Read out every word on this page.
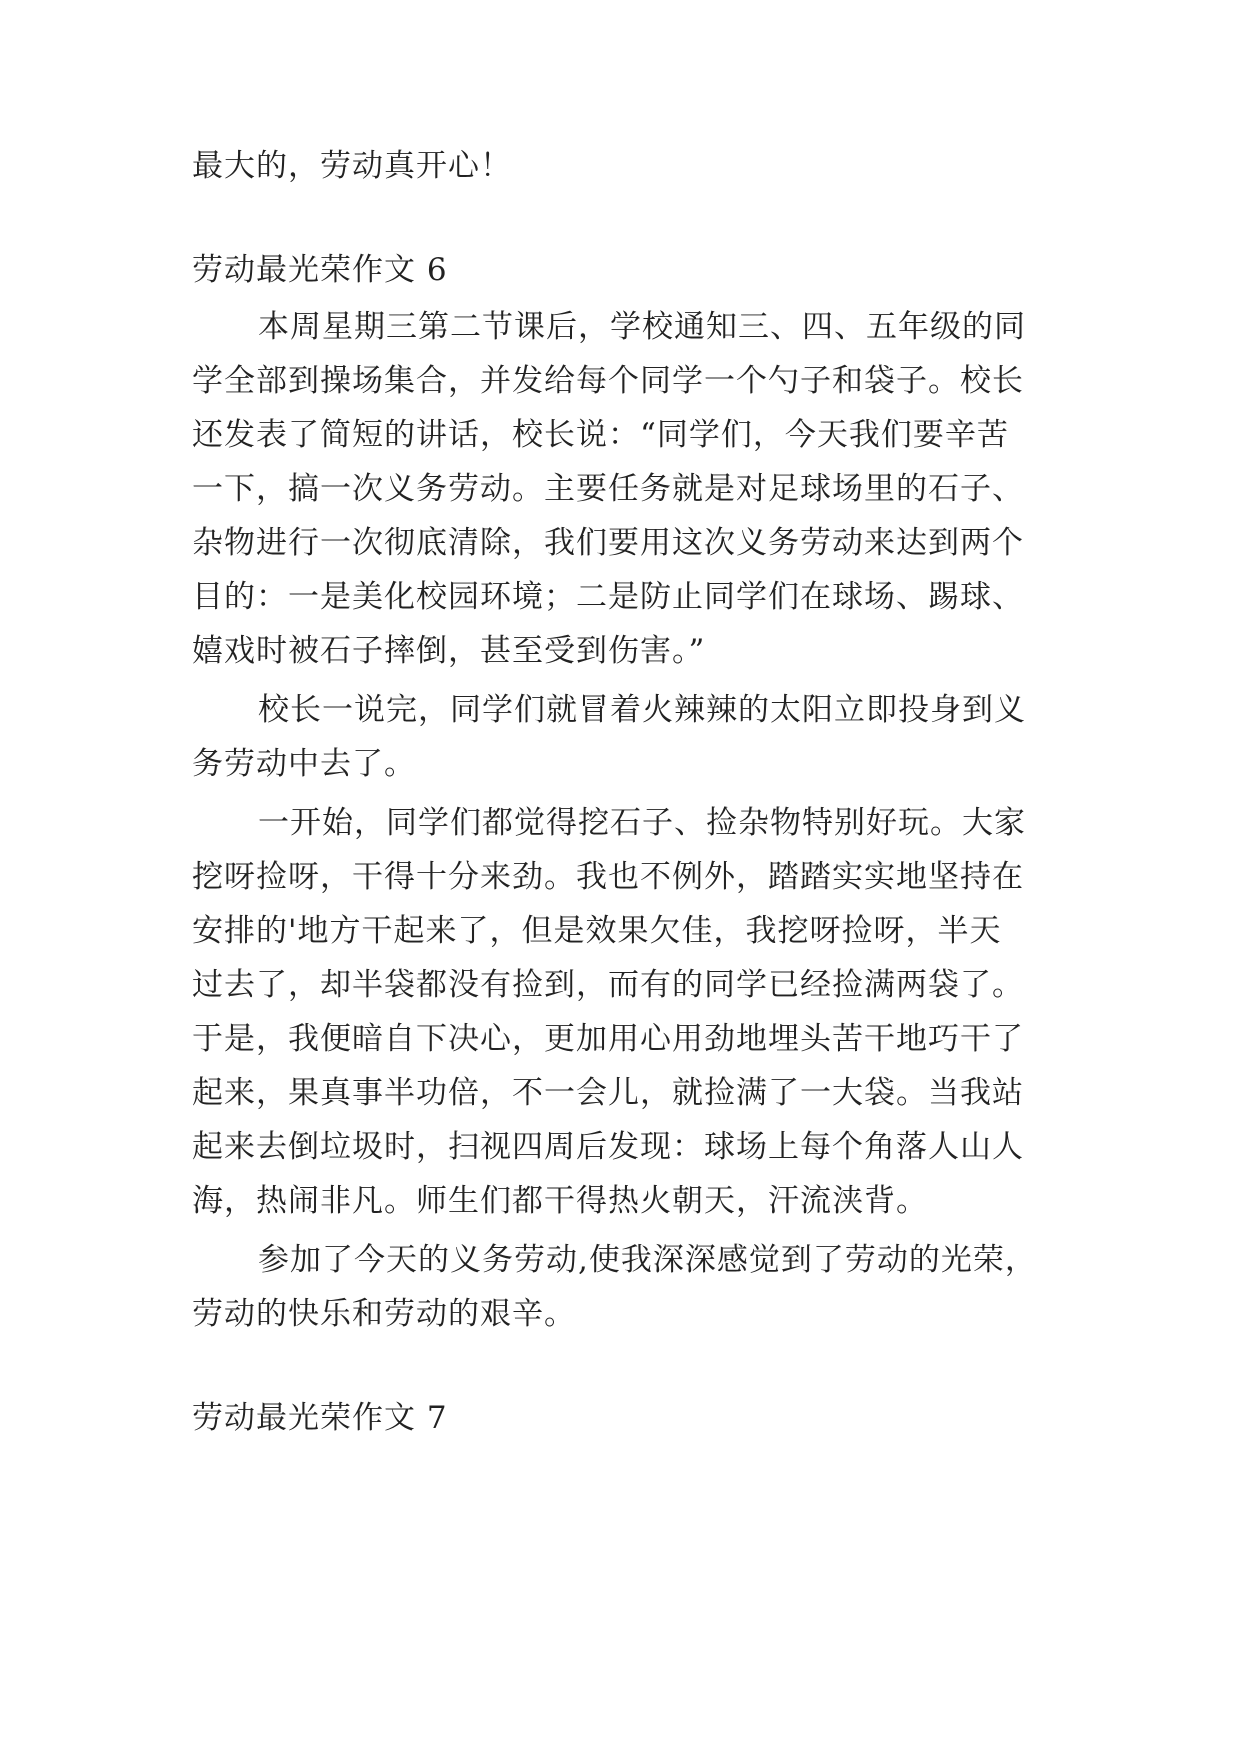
最大的，劳动真开心！
劳动最光荣作文 6
本周星期三第二节课后，学校通知三、四、五年级的同
学全部到操场集合，并发给每个同学一个勺子和袋子。校长
还发表了简短的讲话，校长说：“同学们，今天我们要辛苦
一下，搞一次义务劳动。主要任务就是对足球场里的石子、
杂物进行一次彻底清除，我们要用这次义务劳动来达到两个
目的：一是美化校园环境；二是防止同学们在球场、踢球、
嬉戏时被石子摔倒，甚至受到伤害。”
校长一说完，同学们就冒着火辣辣的太阳立即投身到义
务劳动中去了。
一开始，同学们都觉得挖石子、捡杂物特别好玩。大家
挖呀捡呀，干得十分来劲。我也不例外，踏踏实实地坚持在
安排的'地方干起来了，但是效果欠佳，我挖呀捡呀，半天
过去了，却半袋都没有捡到，而有的同学已经捡满两袋了。
于是，我便暗自下决心，更加用心用劲地埋头苦干地巧干了
起来，果真事半功倍，不一会儿，就捡满了一大袋。当我站
起来去倒垃圾时，扫视四周后发现：球场上每个角落人山人
海，热闹非凡。师生们都干得热火朝天，汗流浃背。
参加了今天的义务劳动,使我深深感觉到了劳动的光荣，
劳动的快乐和劳动的艰辛。
劳动最光荣作文 7
